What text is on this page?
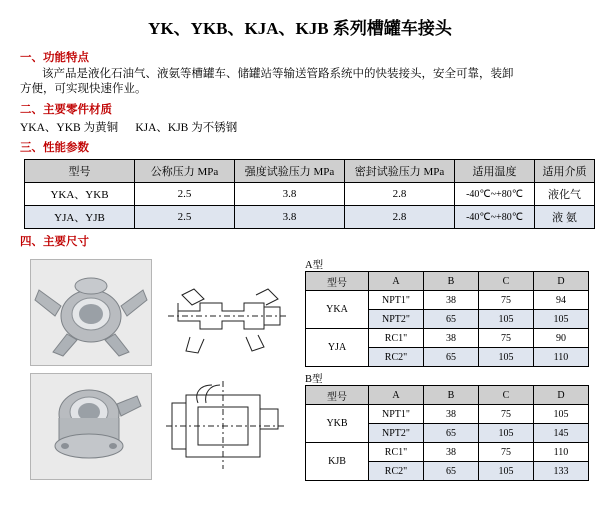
YK、YKB、KJA、KJB 系列槽罐车接头
一、功能特点
该产品是液化石油气、液氨等槽罐车、储罐站等输送管路系统中的快装接头，安全可靠，装卸
方便，可实现快速作业。
二、主要零件材质
YKA、YKB 为黄铜      KJA、KJB 为不锈钢
三、性能参数
型号	公称压力 MPa	强度试验压力 MPa	密封试验压力 MPa	适用温度	适用介质
YKA、YKB	2.5	3.8	2.8	-40℃~+80℃	液化气
YJA、YJB	2.5	3.8	2.8	-40℃~+80℃	液 氨
四、主要尺寸
A型
型号	A	B	C	D
YKA	NPT1"	38	75	94
	NPT2"	65	105	105
YJA	RC1"	38	75	90
	RC2"	65	105	110
B型
型号	A	B	C	D
YKB	NPT1"	38	75	105
	NPT2"	65	105	145
KJB	RC1"	38	75	110
	RC2"	65	105	133
